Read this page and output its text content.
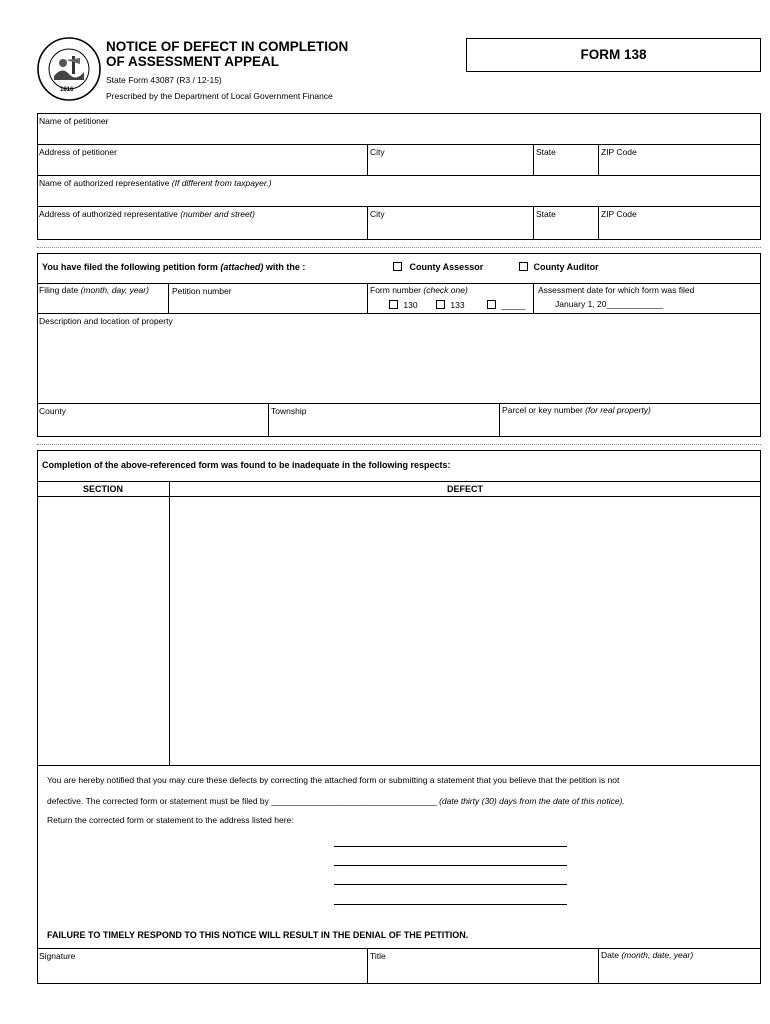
1816
NOTICE OF DEFECT IN COMPLETION
OF ASSESSMENT APPEAL
State Form 43087 (R3 / 12-15)
Prescribed by the Department of Local Government Finance
FORM 138
Name of petitioner
Address of petitioner	City	State	ZIP Code
Name of authorized representative (If different from taxpayer.)
Address of authorized representative (number and street)	City	State	ZIP Code
You have filed the following petition form (attached) with the :	County Assessor	County Auditor
Filing date (month, day, year)	Petition number	Form number (check one)
130	133	_____
Assessment date for which form was filed
January 1, 20____________
Description and location of property
County	Township	Parcel or key number (for real property)
Completion of the above-referenced form was found to be inadequate in the following respects:
SECTION	DEFECT
You are hereby notified that you may cure these defects by correcting the attached form or submitting a statement that you believe that the petition is not
defective. The corrected form or statement must be filed by ___________________________________ (date thirty (30) days from the date of this notice).
Return the corrected form or statement to the address listed here:
FAILURE TO TIMELY RESPOND TO THIS NOTICE WILL RESULT IN THE DENIAL OF THE PETITION.
Signature	Title	Date (month, date, year)
